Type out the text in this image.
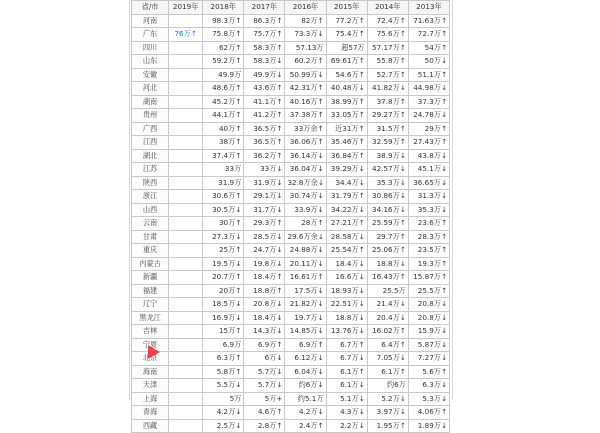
省/市	2019年	2018年	2017年	2016年	2015年	2014年	2013年
河南		98.3万↑	86.3万↑	82万↑	77.2万↑	72.4万↑	71.63万↑
广东	76万↑	75.8万↑	75.7万↑	73.3万↓	75.4万↑	75.6万↑	72.7万↑
四川		62万↑	58.3万↑	57.13万	超57万	57.17万↑	54万↑
山东		59.2万↑	58.3万↓	60.2万↑	69.61万↑	55.8万↑	50万↓
安徽		49.9万	49.9万↓	50.99万↓	54.6万↑	52.7万↑	51.1万↑
河北		48.6万↑	43.6万↑	42.31万↑	40.48万↓	41.82万↓	44.98万↓
湖南		45.2万↑	41.1万↑	40.16万↑	38.99万↑	37.8万↑	37.3万↑
贵州		44.1万↑	41.2万↑	37.38万↑	33.05万↑	29.27万↑	24.78万↓
广西		40万↑	36.5万↑	33万余↑	近31万↑	31.5万↑	29万↑
江西		38万↑	36.5万↑	36.06万↑	35.46万↑	32.59万↑	27.43万↑
湖北		37.4万↑	36.2万↑	36.14万↓	36.84万↑	38.9万↓	43.8万↓
江苏		33万	33万↓	36.04万↓	39.29万↓	42.57万↓	45.1万↓
陕西		31.9万	31.9万↓	32.8万余↓	34.4万↓	35.3万↓	36.65万↓
浙江		30.6万↑	29.1万↓	30.74万↓	31.79万↑	30.86万↓	31.3万↓
山西		30.5万↓	31.7万↓	33.9万↓	34.22万↓	34.16万↓	35.3万↓
云南		30万↑	29.3万↑	28万↑	27.21万↑	25.59万↑	23.6万↑
甘肃		27.3万↓	28.5万↓	29.6万余↓	28.58万↓	29.7万↑	28.3万↑
重庆		25万↑	24.7万↓	24.88万↓	25.54万↑	25.06万↑	23.5万↑
内蒙古		19.5万↓	19.8万↓	20.11万↓	18.4万↓	18.8万↓	19.3万↑
新疆		20.7万↑	18.4万↑	16.61万↑	16.6万↓	16.43万↑	15.87万↑
福建		20万↑	18.8万↑	17.5万↓	18.93万↓	25.5万	25.5万↑
辽宁		18.5万↓	20.8万↓	21.82万↓	22.51万↓	21.4万↓	20.8万↓
黑龙江		16.9万↓	18.4万↓	19.7万↓	18.8万↓	20.4万↓	20.8万↓
吉林		15万↑	14.3万↓	14.85万↓	13.76万↓	16.02万↑	15.9万↓
宁夏		6.9万	6.9万↑	6.9万↑	6.7万↑	6.4万↑	5.87万↓
北京		6.3万↑	6万↓	6.12万↓	6.7万↓	7.05万↓	7.27万↓
海南		5.8万↑	5.7万↓	6.04万↓	6.1万↑	6.1万↑	5.6万↑
天津		5.5万↓	5.7万↓	约6万↓	6.1万↓	约6万	6.3万↓
上海		5万	5万+	约5.1万	5.1万↓	5.2万↓	5.3万↓
青海		4.2万↓	4.6万↑	4.2万↓	4.3万↓	3.97万↓	4.06万↑
西藏		2.5万↓	2.8万↑	2.4万↑	2.2万↓	1.95万↑	1.89万↓
